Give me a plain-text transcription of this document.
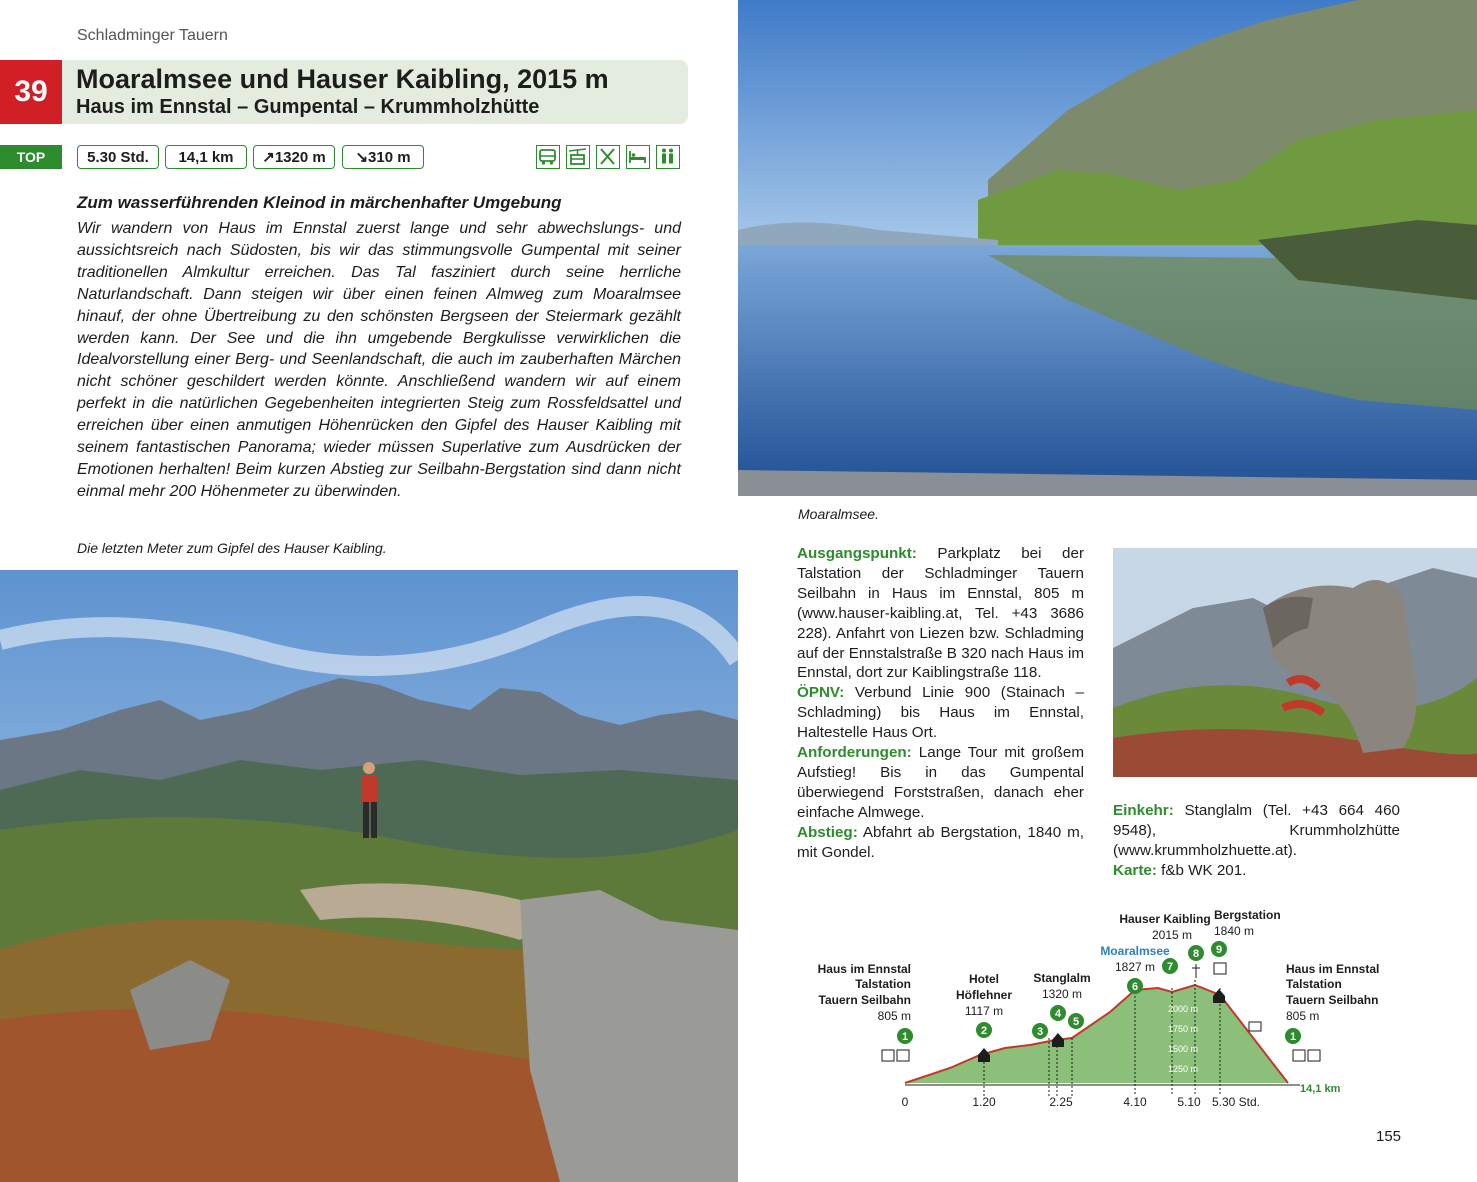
Schladminger Tauern
39	Moaralmsee und Hauser Kaibling, 2015 m
Haus im Ennstal – Gumpental – Krummholzhütte
TOP	5.30 Std.	14,1 km	↗1320 m	↘310 m
Zum wasserführenden Kleinod in märchenhafter Umgebung
Wir wandern von Haus im Ennstal zuerst lange und sehr abwechslungs- und aussichtsreich nach Südosten, bis wir das stimmungsvolle Gumpental mit seiner traditionellen Almkultur erreichen. Das Tal fasziniert durch seine herrliche Naturlandschaft. Dann steigen wir über einen feinen Almweg zum Moaralmsee hinauf, der ohne Übertreibung zu den schönsten Bergseen der Steiermark gezählt werden kann. Der See und die ihn umgebende Bergkulisse verwirklichen die Idealvorstellung einer Berg- und Seenlandschaft, die auch im zauberhaften Märchen nicht schöner geschildert werden könnte. Anschließend wandern wir auf einem perfekt in die natürlichen Gegebenheiten integrierten Steig zum Rossfeldsattel und erreichen über einen anmutigen Höhenrücken den Gipfel des Hauser Kaibling mit seinem fantastischen Panorama; wieder müssen Superlative zum Ausdrücken der Emotionen herhalten! Beim kurzen Abstieg zur Seilbahn-Bergstation sind dann nicht einmal mehr 200 Höhenmeter zu überwinden.
Die letzten Meter zum Gipfel des Hauser Kaibling.
Moaralmsee.

Ausgangspunkt: Parkplatz bei der Talstation der Schladminger Tauern Seilbahn in Haus im Ennstal, 805 m (www.hauser-kaibling.at, Tel. +43 3686 228). Anfahrt von Liezen bzw. Schladming auf der Ennstalstraße B 320 nach Haus im Ennstal, dort zur Kaiblingstraße 118.

ÖPNV: Verbund Linie 900 (Stainach – Schladming) bis Haus im Ennstal, Haltestelle Haus Ort.

Anforderungen: Lange Tour mit großem Aufstieg! Bis in das Gumpental überwiegend Forststraßen, danach eher einfache Almwege.

Abstieg: Abfahrt ab Bergstation, 1840 m, mit Gondel.

Einkehr: Stanglalm (Tel. +43 664 460 9548), Krummholzhütte (www.krummholzhuette.at).

Karte: f&b WK 201.

2000 m
1750 m
1500 m
1250 m
1000 m
0	1.20	2.25	4.10	5.10 5.30 Std.
14,1 km
Haus im Ennstal
Talstation
Tauern Seilbahn
805 m
Hotel
Höflehner
1117 m
Stanglalm
1320 m
Moaralmsee
1827 m
Hauser Kaibling
2015 m
Bergstation
1840 m
Haus im Ennstal
Talstation
Tauern Seilbahn
805 m
1	2	3
4
5
6
7
8 9
1
155
